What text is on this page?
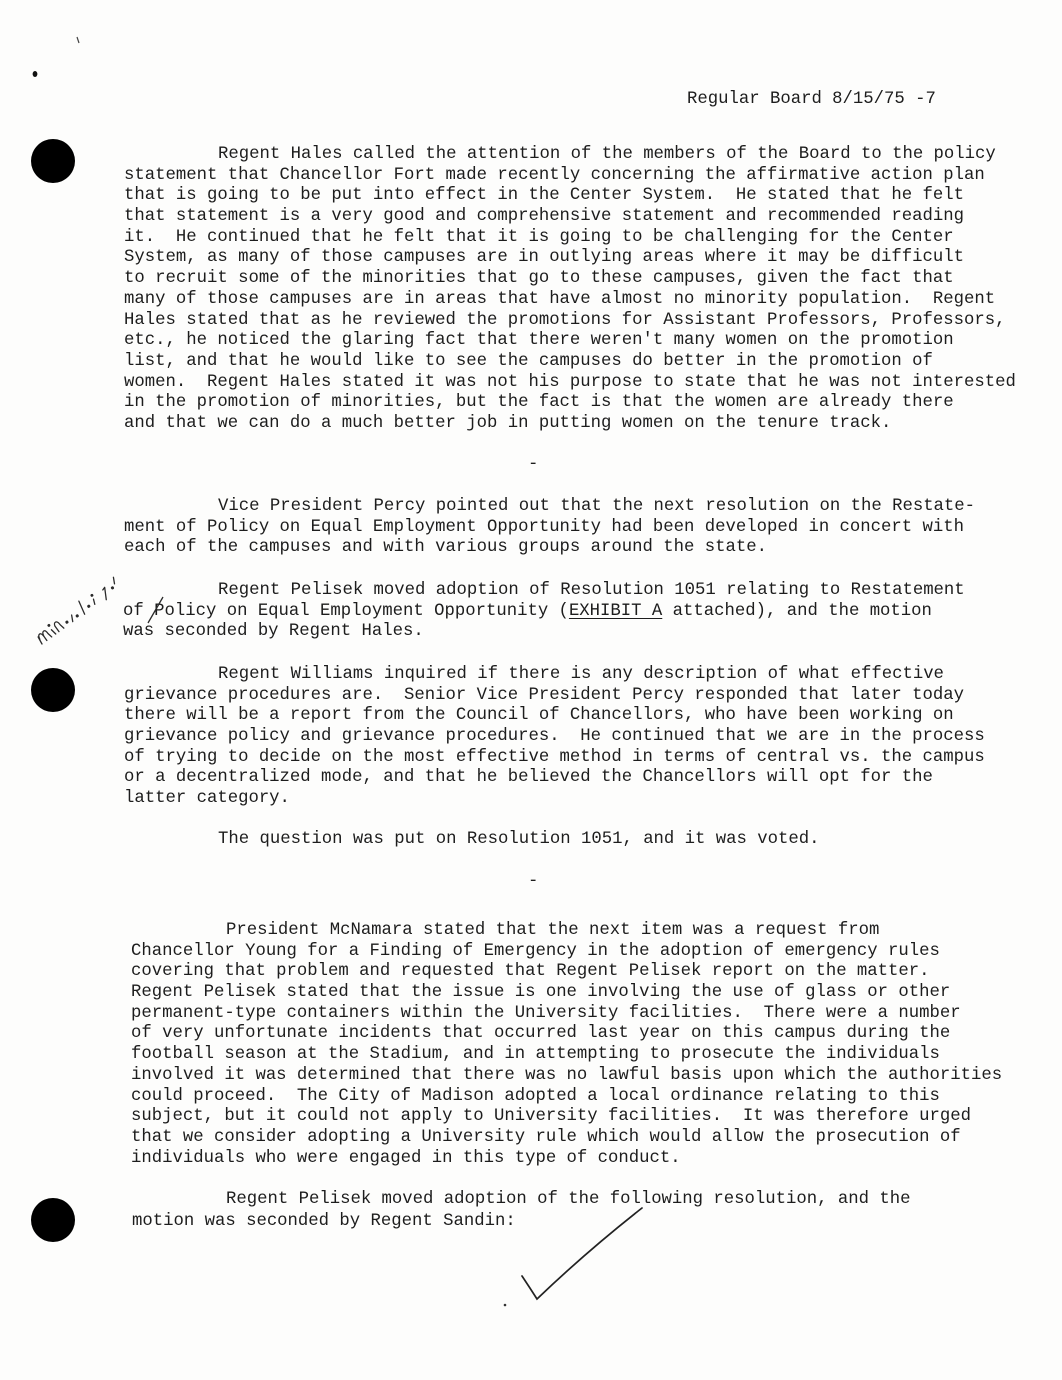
Regular Board 8/15/75 -7
Regent Hales called the attention of the members of the Board to the policy
statement that Chancellor Fort made recently concerning the affirmative action plan
that is going to be put into effect in the Center System.  He stated that he felt
that statement is a very good and comprehensive statement and recommended reading
it.  He continued that he felt that it is going to be challenging for the Center
System, as many of those campuses are in outlying areas where it may be difficult
to recruit some of the minorities that go to these campuses, given the fact that
many of those campuses are in areas that have almost no minority population.  Regent
Hales stated that as he reviewed the promotions for Assistant Professors, Professors,
etc., he noticed the glaring fact that there weren't many women on the promotion
list, and that he would like to see the campuses do better in the promotion of
women.  Regent Hales stated it was not his purpose to state that he was not interested
in the promotion of minorities, but the fact is that the women are already there
and that we can do a much better job in putting women on the tenure track.
-
Vice President Percy pointed out that the next resolution on the Restate-
ment of Policy on Equal Employment Opportunity had been developed in concert with
each of the campuses and with various groups around the state.
Regent Pelisek moved adoption of Resolution 1051 relating to Restatement
of Policy on Equal Employment Opportunity (EXHIBIT A attached), and the motion
was seconded by Regent Hales.
Regent Williams inquired if there is any description of what effective
grievance procedures are.  Senior Vice President Percy responded that later today
there will be a report from the Council of Chancellors, who have been working on
grievance policy and grievance procedures.  He continued that we are in the process
of trying to decide on the most effective method in terms of central vs. the campus
or a decentralized mode, and that he believed the Chancellors will opt for the
latter category.
The question was put on Resolution 1051, and it was voted.
-
President McNamara stated that the next item was a request from
Chancellor Young for a Finding of Emergency in the adoption of emergency rules
covering that problem and requested that Regent Pelisek report on the matter.
Regent Pelisek stated that the issue is one involving the use of glass or other
permanent-type containers within the University facilities.  There were a number
of very unfortunate incidents that occurred last year on this campus during the
football season at the Stadium, and in attempting to prosecute the individuals
involved it was determined that there was no lawful basis upon which the authorities
could proceed.  The City of Madison adopted a local ordinance relating to this
subject, but it could not apply to University facilities.  It was therefore urged
that we consider adopting a University rule which would allow the prosecution of
individuals who were engaged in this type of conduct.
Regent Pelisek moved adoption of the following resolution, and the
motion was seconded by Regent Sandin:
